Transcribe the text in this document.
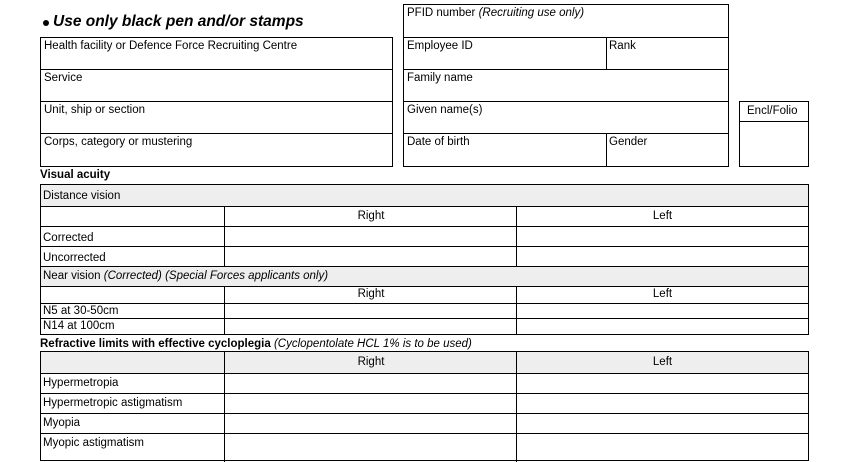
Use only black pen and/or stamps
Health facility or Defence Force Recruiting Centre
Service
Unit, ship or section
Corps, category or mustering
PFID number (Recruiting use only)
Employee ID	Rank
Family name
Given name(s)
Date of birth	Gender
Encl/Folio
Visual acuity
Distance vision
Right	Left
Corrected
Uncorrected
Near vision (Corrected) (Special Forces applicants only)
Right	Left
N5 at 30-50cm
N14 at 100cm
Refractive limits with effective cycloplegia (Cyclopentolate HCL 1% is to be used)
Right	Left
Hypermetropia
Hypermetropic astigmatism
Myopia
Myopic astigmatism
